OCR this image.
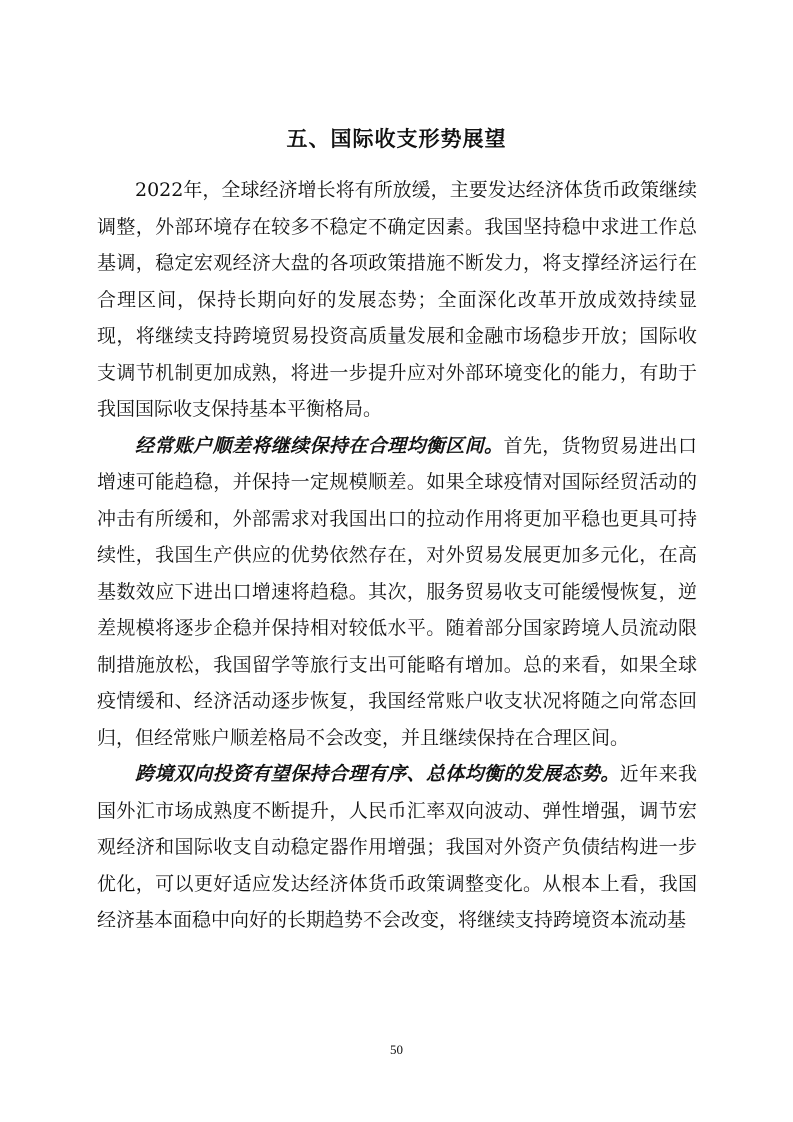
五、国际收支形势展望

2022年，全球经济增长将有所放缓，主要发达经济体货币政策继续调整，外部环境存在较多不稳定不确定因素。我国坚持稳中求进工作总基调，稳定宏观经济大盘的各项政策措施不断发力，将支撑经济运行在合理区间，保持长期向好的发展态势；全面深化改革开放成效持续显现，将继续支持跨境贸易投资高质量发展和金融市场稳步开放；国际收支调节机制更加成熟，将进一步提升应对外部环境变化的能力，有助于我国国际收支保持基本平衡格局。

经常账户顺差将继续保持在合理均衡区间。首先，货物贸易进出口增速可能趋稳，并保持一定规模顺差。如果全球疫情对国际经贸活动的冲击有所缓和，外部需求对我国出口的拉动作用将更加平稳也更具可持续性，我国生产供应的优势依然存在，对外贸易发展更加多元化，在高基数效应下进出口增速将趋稳。其次，服务贸易收支可能缓慢恢复，逆差规模将逐步企稳并保持相对较低水平。随着部分国家跨境人员流动限制措施放松，我国留学等旅行支出可能略有增加。总的来看，如果全球疫情缓和、经济活动逐步恢复，我国经常账户收支状况将随之向常态回归，但经常账户顺差格局不会改变，并且继续保持在合理区间。

跨境双向投资有望保持合理有序、总体均衡的发展态势。近年来我国外汇市场成熟度不断提升，人民币汇率双向波动、弹性增强，调节宏观经济和国际收支自动稳定器作用增强；我国对外资产负债结构进一步优化，可以更好适应发达经济体货币政策调整变化。从根本上看，我国经济基本面稳中向好的长期趋势不会改变，将继续支持跨境资本流动基

50
